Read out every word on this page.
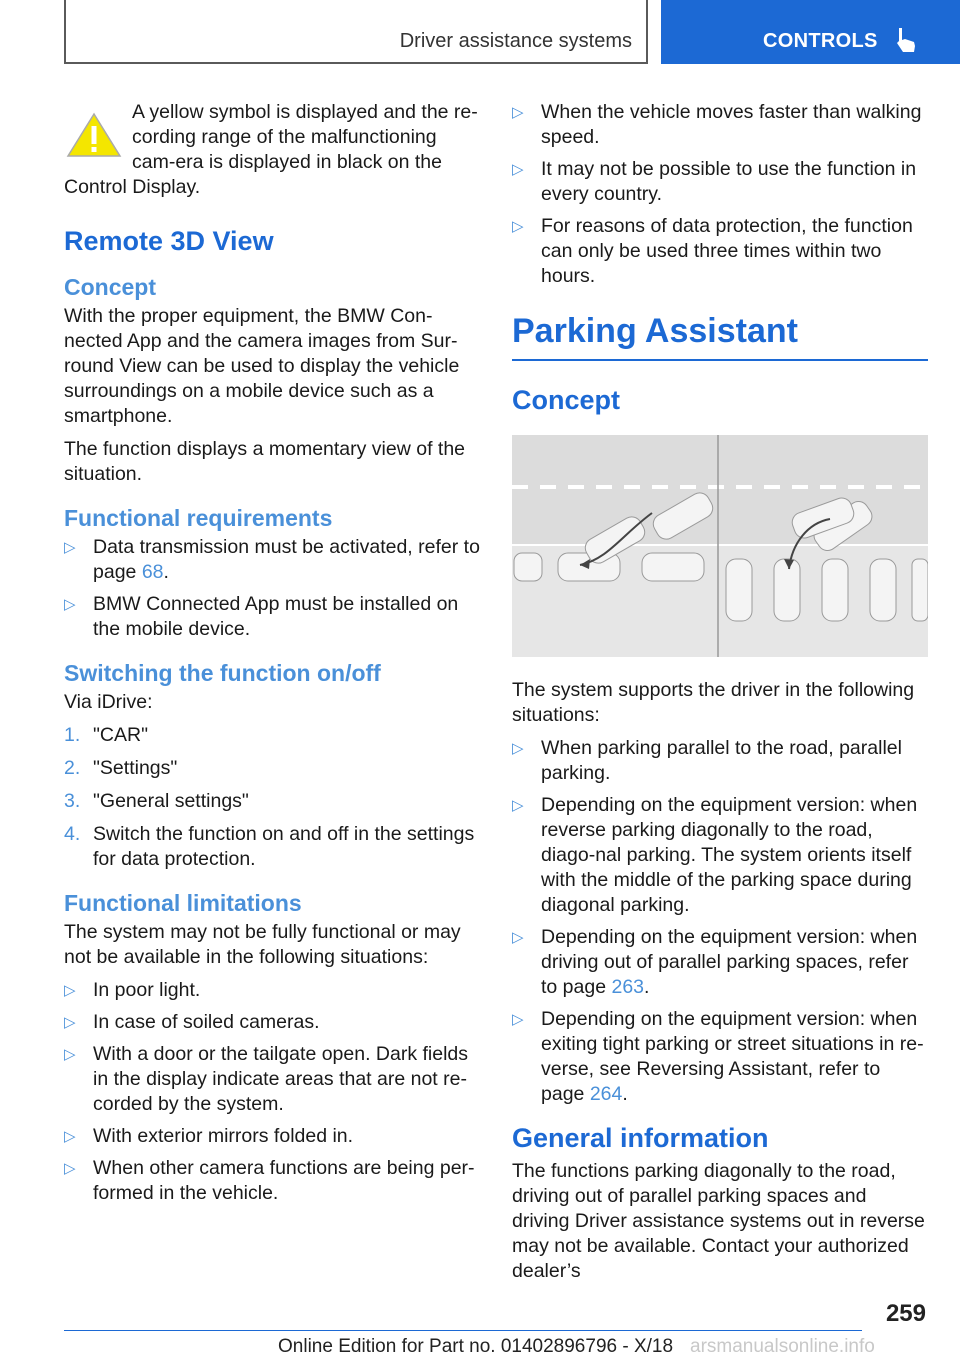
Driver assistance systems	CONTROLS

A yellow symbol is displayed and the re-cording range of the malfunctioning cam-era is displayed in black on the Control Display.

Remote 3D View
Concept

With the proper equipment, the BMW Con-nected App and the camera images from Sur-round View can be used to display the vehicle surroundings on a mobile device such as a smartphone.

The function displays a momentary view of the situation.

Functional requirements
▷ Data transmission must be activated, refer to page 68.
▷ BMW Connected App must be installed on the mobile device.
Switching the function on/off

Via iDrive:

1. "CAR"
2. "Settings"
3. "General settings"
4. Switch the function on and off in the settings for data protection.
Functional limitations

The system may not be fully functional or may not be available in the following situations:

▷ In poor light.
▷ In case of soiled cameras.
▷ With a door or the tailgate open. Dark fields in the display indicate areas that are not re-corded by the system.
▷ With exterior mirrors folded in.
▷ When other camera functions are being per-formed in the vehicle.
▷ When the vehicle moves faster than walking speed.
▷ It may not be possible to use the function in every country.
▷ For reasons of data protection, the function can only be used three times within two hours.
Parking Assistant
Concept

The system supports the driver in the following situations:

▷ When parking parallel to the road, parallel parking.
▷ Depending on the equipment version: when reverse parking diagonally to the road, diago-nal parking. The system orients itself with the middle of the parking space during diagonal parking.
▷ Depending on the equipment version: when driving out of parallel parking spaces, refer to page 263.
▷ Depending on the equipment version: when exiting tight parking or street situations in re-verse, see Reversing Assistant, refer to page 264.
General information

The functions parking diagonally to the road, driving out of parallel parking spaces and driving Driver assistance systems out in reverse may not be available. Contact your authorized dealer’s

259
Online Edition for Part no. 01402896796 - X/18 arsmanualsonline.info
